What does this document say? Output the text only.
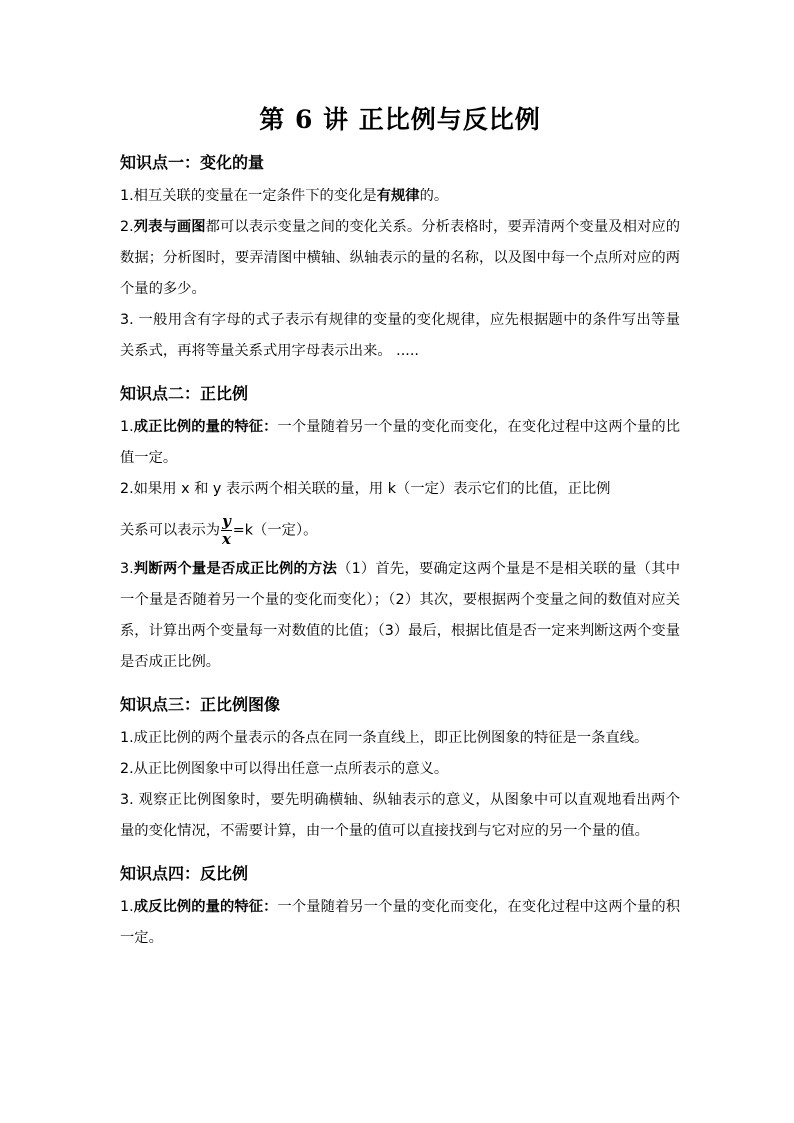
第 6 讲 正比例与反比例
知识点一：变化的量

1.相互关联的变量在一定条件下的变化是有规律的。

2.列表与画图都可以表示变量之间的变化关系。分析表格时，要弄清两个变量及相对应的数据；分析图时，要弄清图中横轴、纵轴表示的量的名称，以及图中每一个点所对应的两个量的多少。

3. 一般用含有字母的式子表示有规律的变量的变化规律，应先根据题中的条件写出等量关系式，再将等量关系式用字母表示出来。 .....

知识点二：正比例

1.成正比例的量的特征：一个量随着另一个量的变化而变化，在变化过程中这两个量的比值一定。

2.如果用 x 和 y 表示两个相关联的量，用 k（一定）表示它们的比值，正比例

关系可以表示为 $\frac{y}{x} =k$（一定）。

3.判断两个量是否成正比例的方法（1）首先，要确定这两个量是不是相关联的量（其中一个量是否随着另一个量的变化而变化）；（2）其次，要根据两个变量之间的数值对应关系，计算出两个变量每一对数值的比值；（3）最后，根据比值是否一定来判断这两个变量是否成正比例。

知识点三：正比例图像

1.成正比例的两个量表示的各点在同一条直线上，即正比例图象的特征是一条直线。

2.从正比例图象中可以得出任意一点所表示的意义。

3. 观察正比例图象时，要先明确横轴、纵轴表示的意义，从图象中可以直观地看出两个量的变化情况，不需要计算，由一个量的值可以直接找到与它对应的另一个量的值。

知识点四：反比例

1.成反比例的量的特征：一个量随着另一个量的变化而变化，在变化过程中这两个量的积一定。
